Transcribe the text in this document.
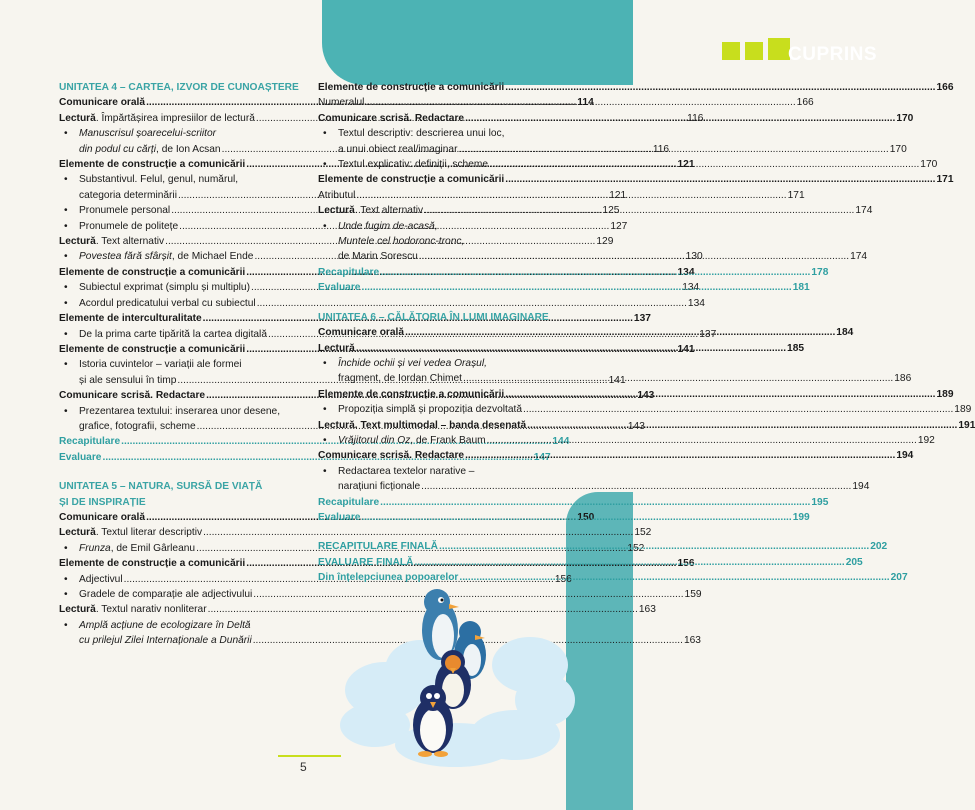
CUPRINS
UNITATEA 4 – CARTEA, IZVOR DE CUNOAȘTERE
Comunicare orală .....	114
Lectură. Împărtășirea impresiilor de lectură .....	116
•	Manuscrisul șoarecelui-scriitor
din podul cu cărți, de Ion Acsan .....	116
Elemente de construcție a comunicării .....	121
•	Substantivul. Felul, genul, numărul,
categoria determinării .....	121
•	Pronumele personal .....	125
•	Pronumele de politețe .....	127
Lectură. Text alternativ .....	129
•	Povestea fără sfârșit, de Michael Ende .....	130
Elemente de construcție a comunicării .....	134
•	Subiectul exprimat (simplu și multiplu) .....	134
•	Acordul predicatului verbal cu subiectul .....	134
Elemente de interculturalitate .....	137
•	De la prima carte tipărită la cartea digitală .....	137
Elemente de construcție a comunicării .....	141
•	Istoria cuvintelor – variații ale formei
și ale sensului în timp .....	141
Comunicare scrisă. Redactare .....	143
•	Prezentarea textului: inserarea unor desene,
grafice, fotografii, scheme .....	143
Recapitulare .....	144
Evaluare .....	147
UNITATEA 5 – NATURA, SURSĂ DE VIAȚĂ
ȘI DE INSPIRAȚIE
Comunicare orală .....	150
Lectură. Textul literar descriptiv .....	152
•	Frunza, de Emil Gârleanu .....	152
Elemente de construcție a comunicării .....	156
•	Adjectivul .....	156
•	Gradele de comparație ale adjectivului .....	159
Lectură. Textul narativ nonliterar .....	163
•	Amplă acțiune de ecologizare în Deltă
cu prilejul Zilei Internaționale a Dunării .....	163
Elemente de construcție a comunicării .....	166
Numeralul .....	166
Comunicare scrisă. Redactare .....	170
•	Textul descriptiv: descrierea unui loc,
a unui obiect real/imaginar .....	170
•	Textul explicativ: definiții, scheme .....	170
Elemente de construcție a comunicării .....	171
Atributul .....	171
Lectură. Text alternativ .....	174
•	Unde fugim de-acasă,
Muntele cel hodoronc-tronc,
de Marin Sorescu .....	174
Recapitulare .....	178
Evaluare .....	181
UNITATEA 6 – CĂLĂTORIA ÎN LUMI IMAGINARE
Comunicare orală .....	184
Lectură .....	185
•	Închide ochii și vei vedea Orașul,
fragment, de Iordan Chimet .....	186
Elemente de construcție a comunicării .....	189
•	Propoziția simplă și propoziția dezvoltată .....	189
Lectură. Text multimodal – banda desenată .....	191
•	Vrăjitorul din Oz, de Frank Baum .....	192
Comunicare scrisă. Redactare .....	194
•	Redactarea textelor narative –
narațiuni ficționale .....	194
Recapitulare .....	195
Evaluare .....	199
RECAPITULARE FINALĂ .....	202
EVALUARE FINALĂ .....	205
Din înțelepciunea popoarelor .....	207
5
